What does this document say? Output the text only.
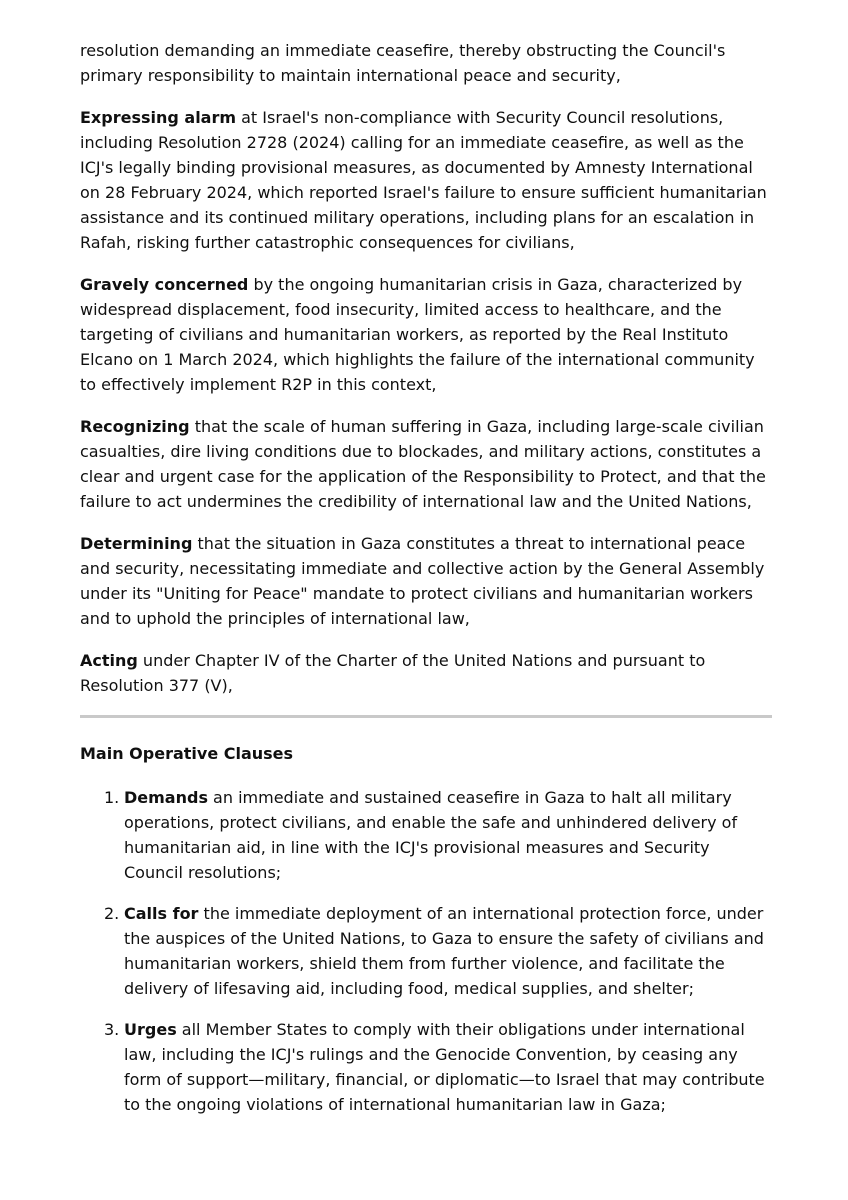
resolution demanding an immediate ceasefire, thereby obstructing the Council's primary responsibility to maintain international peace and security,

Expressing alarm at Israel's non-compliance with Security Council resolutions, including Resolution 2728 (2024) calling for an immediate ceasefire, as well as the ICJ's legally binding provisional measures, as documented by Amnesty International on 28 February 2024, which reported Israel's failure to ensure sufficient humanitarian assistance and its continued military operations, including plans for an escalation in Rafah, risking further catastrophic consequences for civilians,

Gravely concerned by the ongoing humanitarian crisis in Gaza, characterized by widespread displacement, food insecurity, limited access to healthcare, and the targeting of civilians and humanitarian workers, as reported by the Real Instituto Elcano on 1 March 2024, which highlights the failure of the international community to effectively implement R2P in this context,

Recognizing that the scale of human suffering in Gaza, including large-scale civilian casualties, dire living conditions due to blockades, and military actions, constitutes a clear and urgent case for the application of the Responsibility to Protect, and that the failure to act undermines the credibility of international law and the United Nations,

Determining that the situation in Gaza constitutes a threat to international peace and security, necessitating immediate and collective action by the General Assembly under its "Uniting for Peace" mandate to protect civilians and humanitarian workers and to uphold the principles of international law,

Acting under Chapter IV of the Charter of the United Nations and pursuant to Resolution 377 (V),

Main Operative Clauses
1. Demands an immediate and sustained ceasefire in Gaza to halt all military operations, protect civilians, and enable the safe and unhindered delivery of humanitarian aid, in line with the ICJ's provisional measures and Security Council resolutions;
2. Calls for the immediate deployment of an international protection force, under the auspices of the United Nations, to Gaza to ensure the safety of civilians and humanitarian workers, shield them from further violence, and facilitate the delivery of lifesaving aid, including food, medical supplies, and shelter;
3. Urges all Member States to comply with their obligations under international law, including the ICJ's rulings and the Genocide Convention, by ceasing any form of support—military, financial, or diplomatic—to Israel that may contribute to the ongoing violations of international humanitarian law in Gaza;
